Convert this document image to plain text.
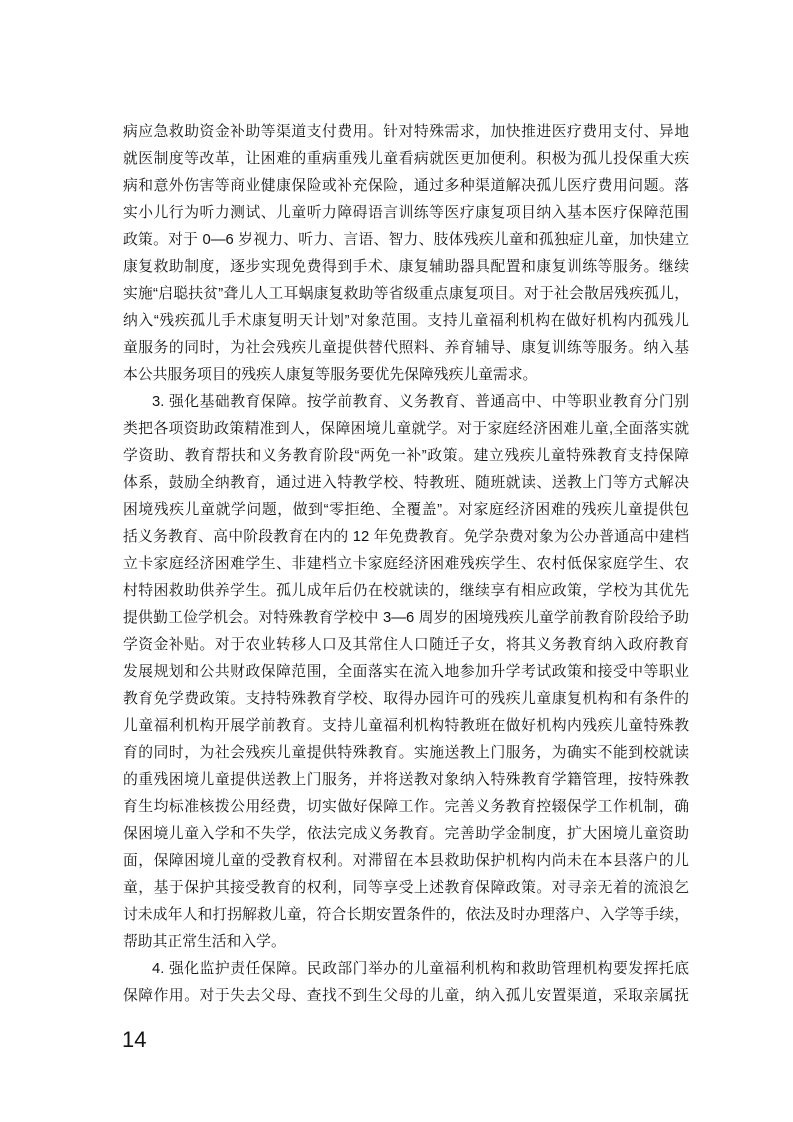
病应急救助资金补助等渠道支付费用。针对特殊需求，加快推进医疗费用支付、异地
就医制度等改革，让困难的重病重残儿童看病就医更加便利。积极为孤儿投保重大疾
病和意外伤害等商业健康保险或补充保险，通过多种渠道解决孤儿医疗费用问题。落
实小儿行为听力测试、儿童听力障碍语言训练等医疗康复项目纳入基本医疗保障范围
政策。对于 0—6 岁视力、听力、言语、智力、肢体残疾儿童和孤独症儿童，加快建立
康复救助制度，逐步实现免费得到手术、康复辅助器具配置和康复训练等服务。继续
实施“启聪扶贫”聋儿人工耳蜗康复救助等省级重点康复项目。对于社会散居残疾孤儿，
纳入“残疾孤儿手术康复明天计划”对象范围。支持儿童福利机构在做好机构内孤残儿
童服务的同时，为社会残疾儿童提供替代照料、养育辅导、康复训练等服务。纳入基
本公共服务项目的残疾人康复等服务要优先保障残疾儿童需求。
3. 强化基础教育保障。按学前教育、义务教育、普通高中、中等职业教育分门别
类把各项资助政策精准到人，保障困境儿童就学。对于家庭经济困难儿童,全面落实就
学资助、教育帮扶和义务教育阶段“两免一补”政策。建立残疾儿童特殊教育支持保障
体系，鼓励全纳教育，通过进入特教学校、特教班、随班就读、送教上门等方式解决
困境残疾儿童就学问题，做到“零拒绝、全覆盖”。对家庭经济困难的残疾儿童提供包
括义务教育、高中阶段教育在内的 12 年免费教育。免学杂费对象为公办普通高中建档
立卡家庭经济困难学生、非建档立卡家庭经济困难残疾学生、农村低保家庭学生、农
村特困救助供养学生。孤儿成年后仍在校就读的，继续享有相应政策，学校为其优先
提供勤工俭学机会。对特殊教育学校中 3—6 周岁的困境残疾儿童学前教育阶段给予助
学资金补贴。对于农业转移人口及其常住人口随迁子女，将其义务教育纳入政府教育
发展规划和公共财政保障范围，全面落实在流入地参加升学考试政策和接受中等职业
教育免学费政策。支持特殊教育学校、取得办园许可的残疾儿童康复机构和有条件的
儿童福利机构开展学前教育。支持儿童福利机构特教班在做好机构内残疾儿童特殊教
育的同时，为社会残疾儿童提供特殊教育。实施送教上门服务，为确实不能到校就读
的重残困境儿童提供送教上门服务，并将送教对象纳入特殊教育学籍管理，按特殊教
育生均标准核拨公用经费，切实做好保障工作。完善义务教育控辍保学工作机制，确
保困境儿童入学和不失学，依法完成义务教育。完善助学金制度，扩大困境儿童资助
面，保障困境儿童的受教育权利。对滞留在本县救助保护机构内尚未在本县落户的儿
童，基于保护其接受教育的权利，同等享受上述教育保障政策。对寻亲无着的流浪乞
讨未成年人和打拐解救儿童，符合长期安置条件的，依法及时办理落户、入学等手续，
帮助其正常生活和入学。
4. 强化监护责任保障。民政部门举办的儿童福利机构和救助管理机构要发挥托底
保障作用。对于失去父母、查找不到生父母的儿童，纳入孤儿安置渠道，采取亲属抚
14
